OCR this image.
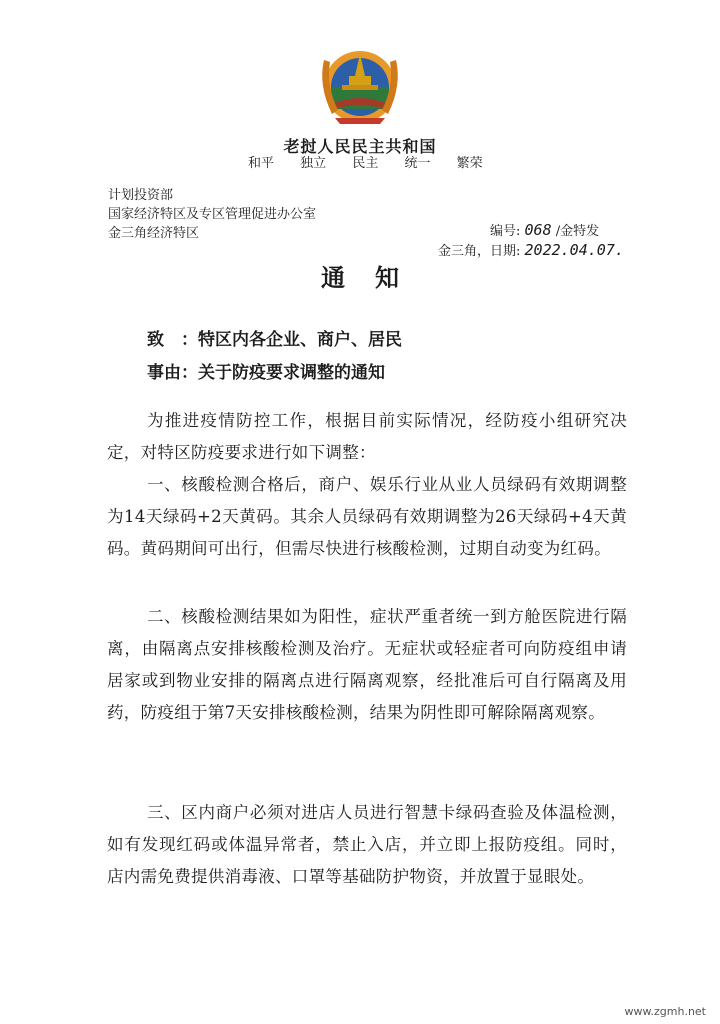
老挝人民民主共和国
和平 独立 民主 统一 繁荣
计划投资部
国家经济特区及专区管理促进办公室
金三角经济特区	编号: 068 /金特发
金三角，日期: 2022.04.07.
通知
致　：特区内各企业、商户、居民
事由：关于防疫要求调整的通知

为推进疫情防控工作，根据目前实际情况，经防疫小组研究决定，对特区防疫要求进行如下调整：

一、核酸检测合格后，商户、娱乐行业从业人员绿码有效期调整为14天绿码+2天黄码。其余人员绿码有效期调整为26天绿码+4天黄码。黄码期间可出行，但需尽快进行核酸检测，过期自动变为红码。

二、核酸检测结果如为阳性，症状严重者统一到方舱医院进行隔离，由隔离点安排核酸检测及治疗。无症状或轻症者可向防疫组申请居家或到物业安排的隔离点进行隔离观察，经批准后可自行隔离及用药，防疫组于第7天安排核酸检测，结果为阴性即可解除隔离观察。

三、区内商户必须对进店人员进行智慧卡绿码查验及体温检测，如有发现红码或体温异常者，禁止入店，并立即上报防疫组。同时，店内需免费提供消毒液、口罩等基础防护物资，并放置于显眼处。

www.zgmh.net
